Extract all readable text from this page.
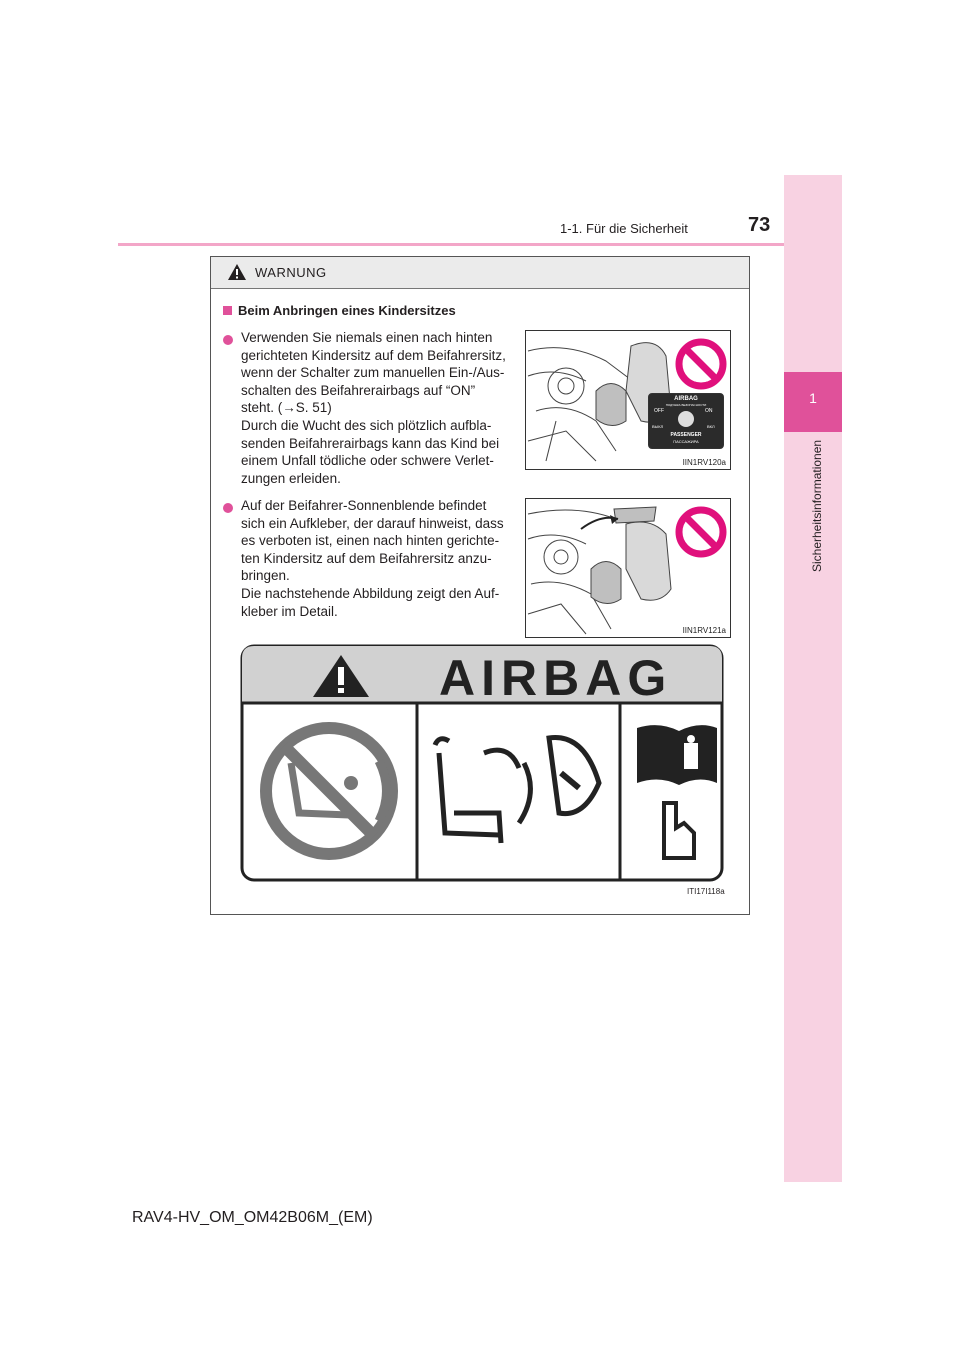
1-1. Für die Sicherheit	73
1
Sicherheitsinformationen
WARNUNG
Beim Anbringen eines Kindersitzes
Verwenden Sie niemals einen nach hinten
gerichteten Kindersitz auf dem Beifahrersitz,
wenn der Schalter zum manuellen Ein-/Aus-
schalten des Beifahrerairbags auf “ON”
steht. (→S. 51)
Durch die Wucht des sich plötzlich aufbla-
senden Beifahrerairbags kann das Kind bei
einem Unfall tödliche oder schwere Verlet-
zungen erleiden.
AIRBAG
ПОДУШКА БЕЗОПАСНОСТИ
OFF	ON
ВЫКЛ	ВКЛ
PASSENGER
ПАССАЖИРА
IIN1RV120a
Auf der Beifahrer-Sonnenblende befindet
sich ein Aufkleber, der darauf hinweist, dass
es verboten ist, einen nach hinten gerichte-
ten Kindersitz auf dem Beifahrersitz anzu-
bringen.
Die nachstehende Abbildung zeigt den Auf-
kleber im Detail.
IIN1RV121a
AIRBAG
ITI17I118a
RAV4-HV_OM_OM42B06M_(EM)
